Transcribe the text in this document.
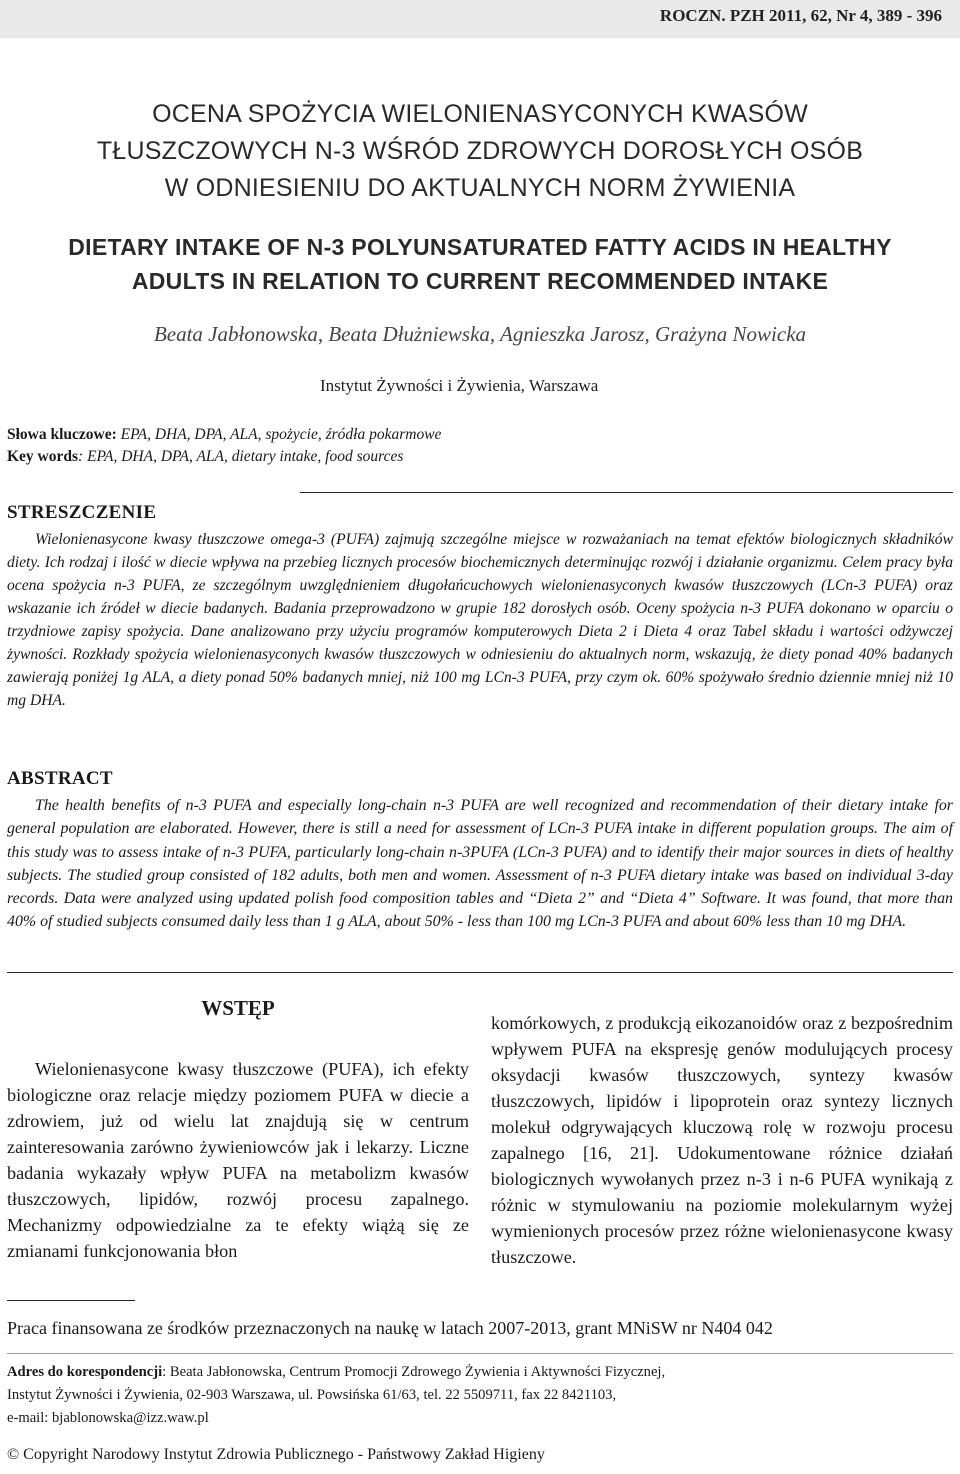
ROCZN. PZH 2011, 62, Nr 4, 389 - 396
OCENA SPOŻYCIA WIELONIENASYCONYCH KWASÓW
TŁUSZCZOWYCH N-3 WŚRÓD ZDROWYCH DOROSŁYCH OSÓB
W ODNIESIENIU DO AKTUALNYCH NORM ŻYWIENIA
DIETARY INTAKE OF N-3 POLYUNSATURATED FATTY ACIDS IN HEALTHY
ADULTS IN RELATION TO CURRENT RECOMMENDED INTAKE
Beata Jabłonowska, Beata Dłużniewska, Agnieszka Jarosz, Grażyna Nowicka
Instytut Żywności i Żywienia, Warszawa
Słowa kluczowe: EPA, DHA, DPA, ALA, spożycie, źródła pokarmowe
Key words: EPA, DHA, DPA, ALA, dietary intake, food sources
STRESZCZENIE
Wielonienasycone kwasy tłuszczowe omega-3 (PUFA) zajmują szczególne miejsce w rozważaniach na temat efektów biologicznych składników diety. Ich rodzaj i ilość w diecie wpływa na przebieg licznych procesów biochemicznych determinując rozwój i działanie organizmu. Celem pracy była ocena spożycia n-3 PUFA, ze szczególnym uwzględnieniem długołańcuchowych wielonienasyconych kwasów tłuszczowych (LCn-3 PUFA) oraz wskazanie ich źródeł w diecie badanych. Badania przeprowadzono w grupie 182 dorosłych osób. Oceny spożycia n-3 PUFA dokonano w oparciu o trzydniowe zapisy spożycia. Dane analizowano przy użyciu programów komputerowych Dieta 2 i Dieta 4 oraz Tabel składu i wartości odżywczej żywności. Rozkłady spożycia wielonienasyconych kwasów tłuszczowych w odniesieniu do aktualnych norm, wskazują, że diety ponad 40% badanych zawierają poniżej 1g ALA, a diety ponad 50% badanych mniej, niż 100 mg LCn-3 PUFA, przy czym ok. 60% spożywało średnio dziennie mniej niż 10 mg DHA.
ABSTRACT
The health benefits of n-3 PUFA and especially long-chain n-3 PUFA are well recognized and recommendation of their dietary intake for general population are elaborated. However, there is still a need for assessment of LCn-3 PUFA intake in different population groups. The aim of this study was to assess intake of n-3 PUFA, particularly long-chain n-3PUFA (LCn-3 PUFA) and to identify their major sources in diets of healthy subjects. The studied group consisted of 182 adults, both men and women. Assessment of n-3 PUFA dietary intake was based on individual 3-day records. Data were analyzed using updated polish food composition tables and “Dieta 2” and “Dieta 4” Software. It was found, that more than 40% of studied subjects consumed daily less than 1 g ALA, about 50% - less than 100 mg LCn-3 PUFA and about 60% less than 10 mg DHA.
WSTĘP
Wielonienasycone kwasy tłuszczowe (PUFA), ich efekty biologiczne oraz relacje między poziomem PUFA w diecie a zdrowiem, już od wielu lat znajdują się w centrum zainteresowania zarówno żywieniowców jak i lekarzy. Liczne badania wykazały wpływ PUFA na metabolizm kwasów tłuszczowych, lipidów, rozwój procesu zapalnego. Mechanizmy odpowiedzialne za te efekty wiążą się ze zmianami funkcjonowania błon
komórkowych, z produkcją eikozanoidów oraz z bezpośrednim wpływem PUFA na ekspresję genów modulujących procesy oksydacji kwasów tłuszczowych, syntezy kwasów tłuszczowych, lipidów i lipoprotein oraz syntezy licznych molekuł odgrywających kluczową rolę w rozwoju procesu zapalnego [16, 21]. Udokumentowane różnice działań biologicznych wywołanych przez n-3 i n-6 PUFA wynikają z różnic w stymulowaniu na poziomie molekularnym wyżej wymienionych procesów przez różne wielonienasycone kwasy tłuszczowe.
Praca finansowana ze środków przeznaczonych na naukę w latach 2007-2013, grant MNiSW nr N404 042
Adres do korespondencji: Beata Jabłonowska, Centrum Promocji Zdrowego Żywienia i Aktywności Fizycznej,
Instytut Żywności i Żywienia, 02-903 Warszawa, ul. Powsińska 61/63, tel. 22 5509711, fax 22 8421103,
e-mail: bjablonowska@izz.waw.pl
© Copyright Narodowy Instytut Zdrowia Publicznego - Państwowy Zakład Higieny
